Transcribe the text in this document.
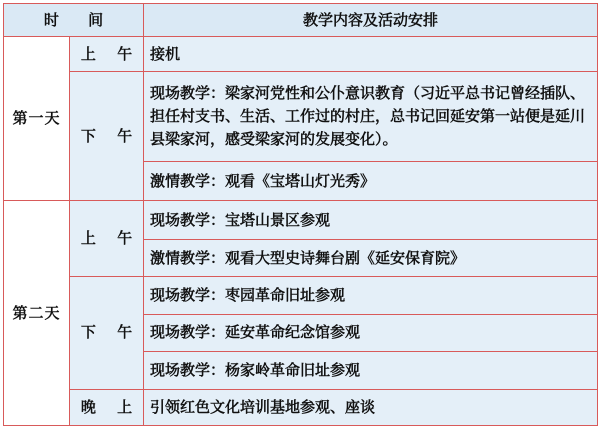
时 间		教学内容及活动安排
第一天	上 午	接机
	下 午	现场教学：梁家河党性和公仆意识教育（习近平总书记曾经插队、担任村支书、生活、工作过的村庄，总书记回延安第一站便是延川县梁家河，感受梁家河的发展变化）。
		激情教学：观看《宝塔山灯光秀》
第二天	上 午	现场教学：宝塔山景区参观
		激情教学：观看大型史诗舞台剧《延安保育院》
	下 午	现场教学：枣园革命旧址参观
		现场教学：延安革命纪念馆参观
		现场教学：杨家岭革命旧址参观
	晚 上	引领红色文化培训基地参观、座谈
